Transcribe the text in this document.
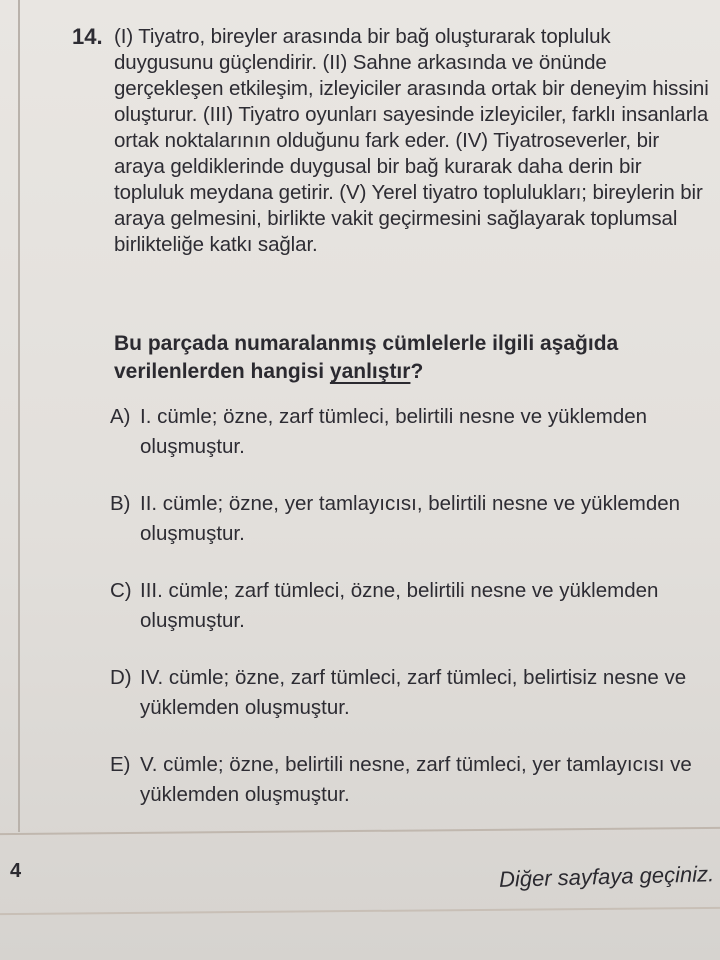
14. (I) Tiyatro, bireyler arasında bir bağ oluşturarak topluluk duygusunu güçlendirir. (II) Sahne arkasında ve önünde gerçekleşen etkileşim, izleyiciler arasında ortak bir deneyim hissini oluşturur. (III) Tiyatro oyunları sayesinde izleyiciler, farklı insanlarla ortak noktalarının olduğunu fark eder. (IV) Tiyatroseverler, bir araya geldiklerinde duygusal bir bağ kurarak daha derin bir topluluk meydana getirir. (V) Yerel tiyatro toplulukları; bireylerin bir araya gelmesini, birlikte vakit geçirmesini sağlayarak toplumsal birlikteliğe katkı sağlar.

Bu parçada numaralanmış cümlelerle ilgili aşağıda verilenlerden hangisi yanlıştır?

A) I. cümle; özne, zarf tümleci, belirtili nesne ve yüklemden oluşmuştur.
B) II. cümle; özne, yer tamlayıcısı, belirtili nesne ve yüklemden oluşmuştur.
C) III. cümle; zarf tümleci, özne, belirtili nesne ve yüklemden oluşmuştur.
D) IV. cümle; özne, zarf tümleci, zarf tümleci, belirtisiz nesne ve yüklemden oluşmuştur.
E) V. cümle; özne, belirtili nesne, zarf tümleci, yer tamlayıcısı ve yüklemden oluşmuştur.
4	Diğer sayfaya geçiniz.
